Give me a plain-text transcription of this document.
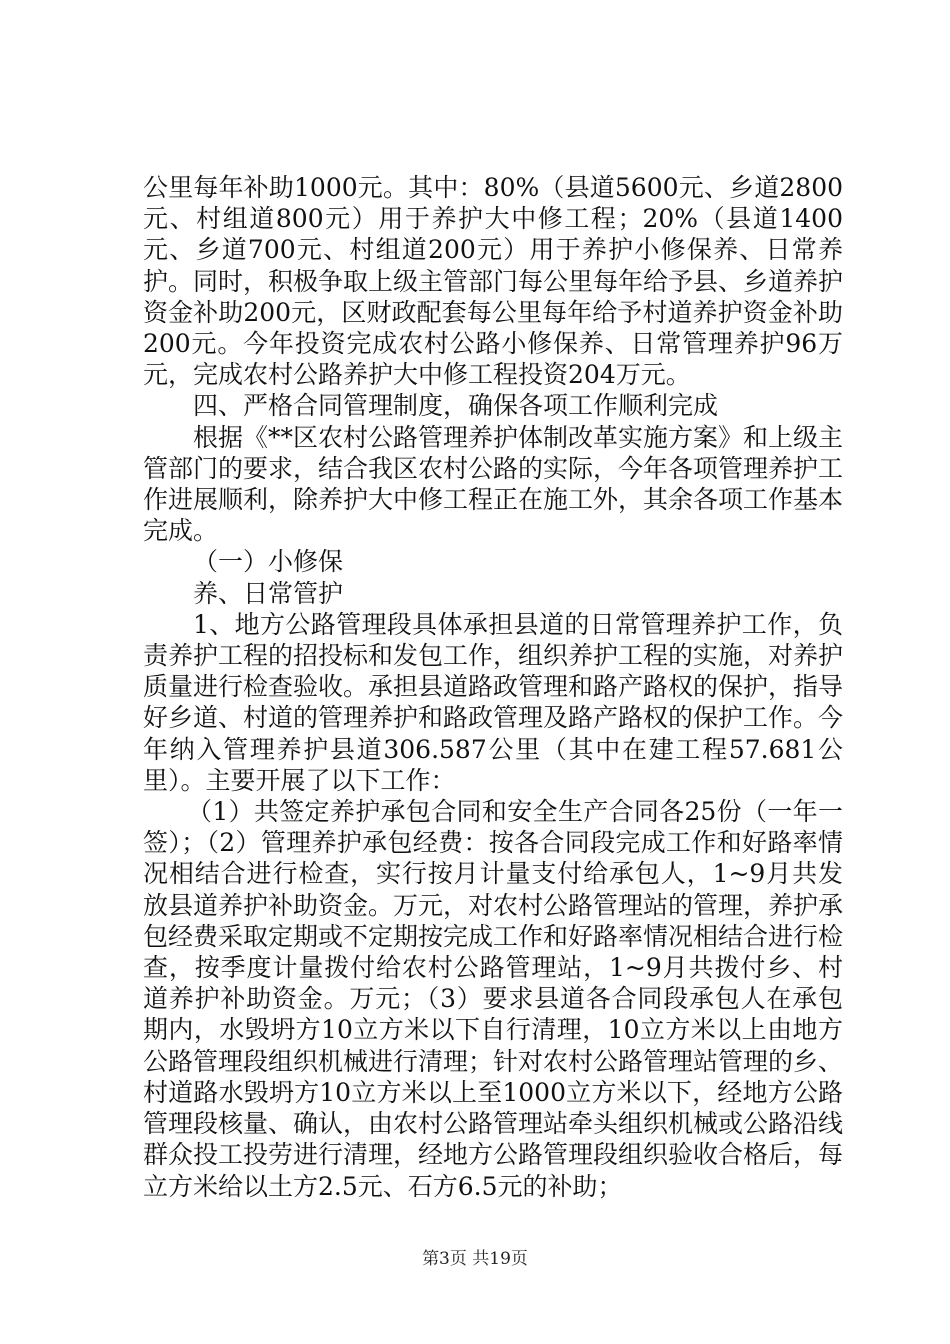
公里每年补助1000元。其中：80%（县道5600元、乡道2800元、村组道800元）用于养护大中修工程；20%（县道1400元、乡道700元、村组道200元）用于养护小修保养、日常养护。同时，积极争取上级主管部门每公里每年给予县、乡道养护资金补助200元，区财政配套每公里每年给予村道养护资金补助200元。今年投资完成农村公路小修保养、日常管理养护96万元，完成农村公路养护大中修工程投资204万元。

四、严格合同管理制度，确保各项工作顺利完成

根据《**区农村公路管理养护体制改革实施方案》和上级主管部门的要求，结合我区农村公路的实际，今年各项管理养护工作进展顺利，除养护大中修工程正在施工外，其余各项工作基本完成。

（一）小修保

养、日常管护

1、地方公路管理段具体承担县道的日常管理养护工作，负责养护工程的招投标和发包工作，组织养护工程的实施，对养护质量进行检查验收。承担县道路政管理和路产路权的保护，指导好乡道、村道的管理养护和路政管理及路产路权的保护工作。今年纳入管理养护县道306.587公里（其中在建工程57.681公里）。主要开展了以下工作：

（1）共签定养护承包合同和安全生产合同各25份（一年一签）；（2）管理养护承包经费：按各合同段完成工作和好路率情况相结合进行检查，实行按月计量支付给承包人，1~9月共发放县道养护补助资金。万元，对农村公路管理站的管理，养护承包经费采取定期或不定期按完成工作和好路率情况相结合进行检查，按季度计量拨付给农村公路管理站，1~9月共拨付乡、村道养护补助资金。万元；（3）要求县道各合同段承包人在承包期内，水毁坍方10立方米以下自行清理，10立方米以上由地方公路管理段组织机械进行清理；针对农村公路管理站管理的乡、村道路水毁坍方10立方米以上至1000立方米以下，经地方公路管理段核量、确认，由农村公路管理站牵头组织机械或公路沿线群众投工投劳进行清理，经地方公路管理段组织验收合格后，每立方米给以土方2.5元、石方6.5元的补助；

第3页 共19页
